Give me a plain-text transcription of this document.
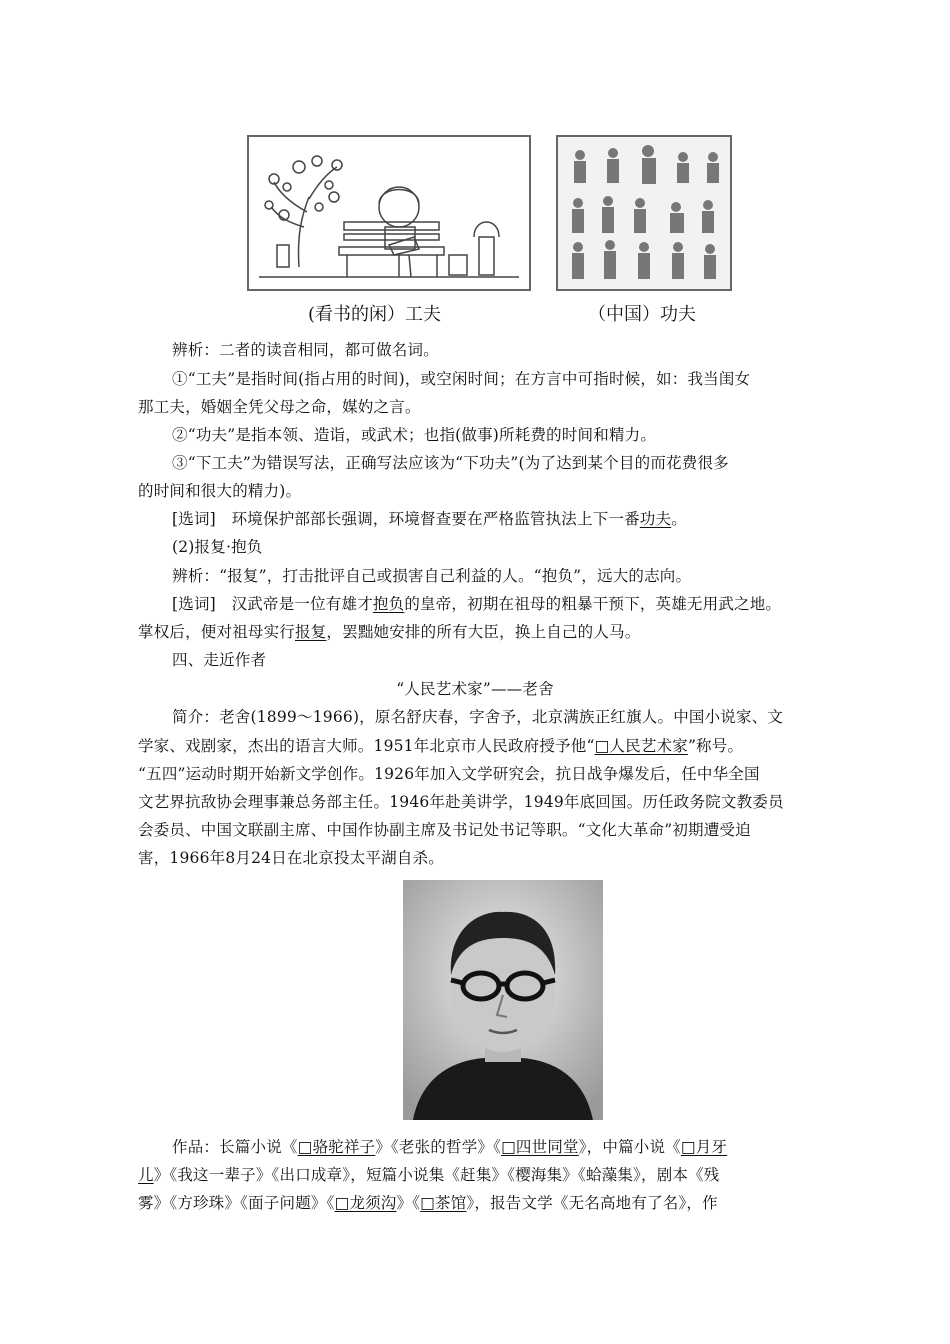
(看书的闲）工夫	（中国）功夫
辨析：二者的读音相同，都可做名词。
①“工夫”是指时间(指占用的时间)，或空闲时间；在方言中可指时候，如：我当闺女
那工夫，婚姻全凭父母之命，媒妁之言。
②“功夫”是指本领、造诣，或武术；也指(做事)所耗费的时间和精力。
③“下工夫”为错误写法，正确写法应该为“下功夫”(为了达到某个目的而花费很多
的时间和很大的精力)。
[选词]　环境保护部部长强调，环境督查要在严格监管执法上下一番功夫。
(2)报复·抱负
辨析：“报复”，打击批评自己或损害自己利益的人。“抱负”，远大的志向。
[选词]　汉武帝是一位有雄才抱负的皇帝，初期在祖母的粗暴干预下，英雄无用武之地。
掌权后，便对祖母实行报复，罢黜她安排的所有大臣，换上自己的人马。
四、走近作者
“人民艺术家”——老舍
简介：老舍(1899～1966)，原名舒庆春，字舍予，北京满族正红旗人。中国小说家、文
学家、戏剧家，杰出的语言大师。1951年北京市人民政府授予他“□人民艺术家”称号。
“五四”运动时期开始新文学创作。1926年加入文学研究会，抗日战争爆发后，任中华全国
文艺界抗敌协会理事兼总务部主任。1946年赴美讲学，1949年底回国。历任政务院文教委员
会委员、中国文联副主席、中国作协副主席及书记处书记等职。“文化大革命”初期遭受迫
害，1966年8月24日在北京投太平湖自杀。
作品：长篇小说《□骆驼祥子》《老张的哲学》《□四世同堂》，中篇小说《□月牙
儿》《我这一辈子》《出口成章》，短篇小说集《赶集》《樱海集》《蛤藻集》，剧本《残
雾》《方珍珠》《面子问题》《□龙须沟》《□茶馆》，报告文学《无名高地有了名》，作
